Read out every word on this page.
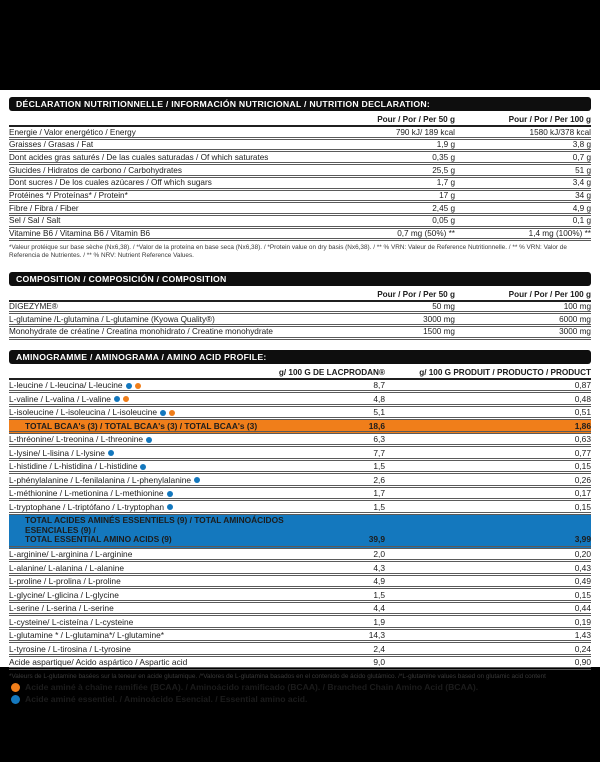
DÉCLARATION NUTRITIONNELLE / INFORMACIÓN NUTRICIONAL / NUTRITION DECLARATION:
Pour / Por / Per 50 g	Pour / Por / Per 100 g
Energie / Valor energético / Energy	790 kJ/ 189 kcal	1580 kJ/378 kcal
Graisses / Grasas / Fat	1,9 g	3,8 g
Dont acides gras saturés / De las cuales saturadas / Of which saturates	0,35 g	0,7 g
Glucides / Hidratos de carbono / Carbohydrates	25,5 g	51 g
Dont sucres / De los cuales azúcares / Off which sugars	1,7 g	3,4 g
Protéines */ Proteínas* / Protein*	17 g	34 g
Fibre / Fibra / Fiber	2,45 g	4,9 g
Sel / Sal / Salt	0,05 g	0,1 g
Vitamine B6 / Vitamina B6 / Vitamin B6	0,7 mg (50%) **	1,4 mg (100%) **
*Valeur protéique sur base sèche (Nx6,38). / *Valor de la proteína en base seca (Nx6,38). / *Protein value on dry basis (Nx6,38). / ** % VRN: Valeur de Reference Nutritionnelle. / ** % VRN: Valor de Referencia de Nutrientes. / ** % NRV: Nutrient Reference Values.
COMPOSITION / COMPOSICIÓN / COMPOSITION
Pour / Por / Per 50 g	Pour / Por / Per 100 g
DIGEZYME®	50 mg	100 mg
L-glutamine /L-glutamina / L-glutamine (Kyowa Quality®)	3000 mg	6000 mg
Monohydrate de créatine / Creatina monohidrato / Creatine monohydrate	1500 mg	3000 mg
AMINOGRAMME / AMINOGRAMA / AMINO ACID PROFILE:
g/ 100 G DE LACPRODAN®	g/ 100 G PRODUIT / PRODUCTO / PRODUCT
L-leucine / L-leucina/ L-leucine	8,7	0,87
L-valine / L-valina / L-valine	4,8	0,48
L-isoleucine / L-isoleucina / L-isoleucine	5,1	0,51
TOTAL BCAA's (3) / TOTAL BCAA's (3) / TOTAL BCAA's (3)	18,6	1,86
L-thréonine/ L-treonina / L-threonine	6,3	0,63
L-lysine/ L-lisina / L-lysine	7,7	0,77
L-histidine / L-histidina / L-histidine	1,5	0,15
L-phénylalanine / L-fenilalanina / L-phenylalanine	2,6	0,26
L-méthionine / L-metionina / L-methionine	1,7	0,17
L-tryptophane / L-triptófano / L-tryptophan	1,5	0,15
TOTAL ACIDES AMINÉS ESSENTIELS (9) / TOTAL AMINOÁCIDOS ESENCIALES (9) /
TOTAL ESSENTIAL AMINO ACIDS (9)	39,9	3,99
L-arginine/ L-arginina / L-arginine	2,0	0,20
L-alanine/ L-alanina / L-alanine	4,3	0,43
L-proline / L-prolina / L-proline	4,9	0,49
L-glycine/ L-glicina / L-glycine	1,5	0,15
L-serine / L-serina / L-serine	4,4	0,44
L-cysteine/ L-cisteína / L-cysteine	1,9	0,19
L-glutamine * / L-glutamina*/ L-glutamine*	14,3	1,43
L-tyrosine / L-tirosina / L-tyrosine	2,4	0,24
Acide aspartique/ Acido aspártico / Aspartic acid	9,0	0,90
*Valeurs de L-glutamine basées sur la teneur en acide glutamique. /*Valores de L-glutamina basados en el contenido de ácido glutámico. /*L-glutamine values based on glutamic acid content
Acide aminé à chaîne ramifiée (BCAA). / Aminoácido ramificado (BCAA). / Branched Chain Amino Acid (BCAA).
Acide aminé essentiel. / Aminoácido Esencial. / Essential amino acid.
